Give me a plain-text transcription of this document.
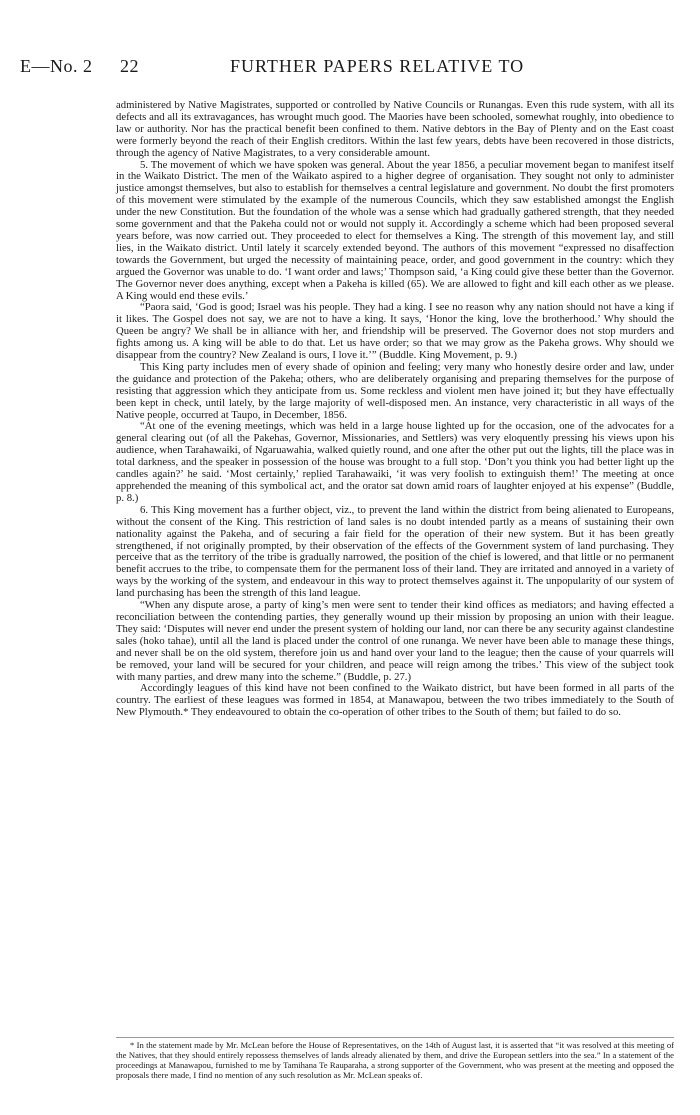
E—No. 2 22	FURTHER PAPERS RELATIVE TO

administered by Native Magistrates, supported or controlled by Native Councils or Runangas. Even this rude system, with all its defects and all its extravagances, has wrought much good. The Maories have been schooled, somewhat roughly, into obedience to law or authority. Nor has the practical benefit been confined to them. Native debtors in the Bay of Plenty and on the East coast were formerly beyond the reach of their English creditors. Within the last few years, debts have been recovered in those districts, through the agency of Native Magistrates, to a very considerable amount.

5. The movement of which we have spoken was general. About the year 1856, a peculiar movement began to manifest itself in the Waikato District. The men of the Waikato aspired to a higher degree of organisation. They sought not only to administer justice amongst themselves, but also to establish for themselves a central legislature and government. No doubt the first promoters of this movement were stimulated by the example of the numerous Councils, which they saw established amongst the English under the new Constitution. But the foundation of the whole was a sense which had gradually gathered strength, that they needed some government and that the Pakeha could not or would not supply it. Accordingly a scheme which had been proposed several years before, was now carried out. They proceeded to elect for themselves a King. The strength of this movement lay, and still lies, in the Waikato district. Until lately it scarcely extended beyond. The authors of this movement “expressed no disaffection towards the Government, but urged the necessity of maintaining peace, order, and good government in the country: which they argued the Governor was unable to do. ‘I want order and laws;’ Thompson said, ‘a King could give these better than the Governor. The Governor never does anything, except when a Pakeha is killed (65). We are allowed to fight and kill each other as we please. A King would end these evils.’

“Paora said, ‘God is good; Israel was his people. They had a king. I see no reason why any nation should not have a king if it likes. The Gospel does not say, we are not to have a king. It says, ‘Honor the king, love the brotherhood.’ Why should the Queen be angry? We shall be in alliance with her, and friendship will be preserved. The Governor does not stop murders and fights among us. A king will be able to do that. Let us have order; so that we may grow as the Pakeha grows. Why should we disappear from the country? New Zealand is ours, I love it.’” (Buddle. King Movement, p. 9.)

This King party includes men of every shade of opinion and feeling; very many who honestly desire order and law, under the guidance and protection of the Pakeha; others, who are deliberately organising and preparing themselves for the purpose of resisting that aggression which they anticipate from us. Some reckless and violent men have joined it; but they have effectually been kept in check, until lately, by the large majority of well-disposed men. An instance, very characteristic in all ways of the Native people, occurred at Taupo, in December, 1856.

“At one of the evening meetings, which was held in a large house lighted up for the occasion, one of the advocates for a general clearing out (of all the Pakehas, Governor, Missionaries, and Settlers) was very eloquently pressing his views upon his audience, when Tarahawaiki, of Ngaruawahia, walked quietly round, and one after the other put out the lights, till the place was in total darkness, and the speaker in possession of the house was brought to a full stop. ‘Don’t you think you had better light up the candles again?’ he said. ‘Most certainly,’ replied Tarahawaiki, ‘it was very foolish to extinguish them!’ The meeting at once apprehended the meaning of this symbolical act, and the orator sat down amid roars of laughter enjoyed at his expense” (Buddle, p. 8.)

6. This King movement has a further object, viz., to prevent the land within the district from being alienated to Europeans, without the consent of the King. This restriction of land sales is no doubt intended partly as a means of sustaining their own nationality against the Pakeha, and of securing a fair field for the operation of their new system. But it has been greatly strengthened, if not originally prompted, by their observation of the effects of the Government system of land purchasing. They perceive that as the territory of the tribe is gradually narrowed, the position of the chief is lowered, and that little or no permanent benefit accrues to the tribe, to compensate them for the permanent loss of their land. They are irritated and annoyed in a variety of ways by the working of the system, and endeavour in this way to protect themselves against it. The unpopularity of our system of land purchasing has been the strength of this land league.

“When any dispute arose, a party of king’s men were sent to tender their kind offices as mediators; and having effected a reconciliation between the contending parties, they generally wound up their mission by proposing an union with their league. They said: ‘Disputes will never end under the present system of holding our land, nor can there be any security against clandestine sales (hoko tahae), until all the land is placed under the control of one runanga. We never have been able to manage these things, and never shall be on the old system, therefore join us and hand over your land to the league; then the cause of your quarrels will be removed, your land will be secured for your children, and peace will reign among the tribes.’ This view of the subject took with many parties, and drew many into the scheme.” (Buddle, p. 27.)

Accordingly leagues of this kind have not been confined to the Waikato district, but have been formed in all parts of the country. The earliest of these leagues was formed in 1854, at Manawapou, between the two tribes immediately to the South of New Plymouth.* They endeavoured to obtain the co-operation of other tribes to the South of them; but failed to do so.

* In the statement made by Mr. McLean before the House of Representatives, on the 14th of August last, it is asserted that “it was resolved at this meeting of the Natives, that they should entirely repossess themselves of lands already alienated by them, and drive the European settlers into the sea.” In a statement of the proceedings at Manawapou, furnished to me by Tamihana Te Rauparaha, a strong supporter of the Government, who was present at the meeting and opposed the proposals there made, I find no mention of any such resolution as Mr. McLean speaks of.
